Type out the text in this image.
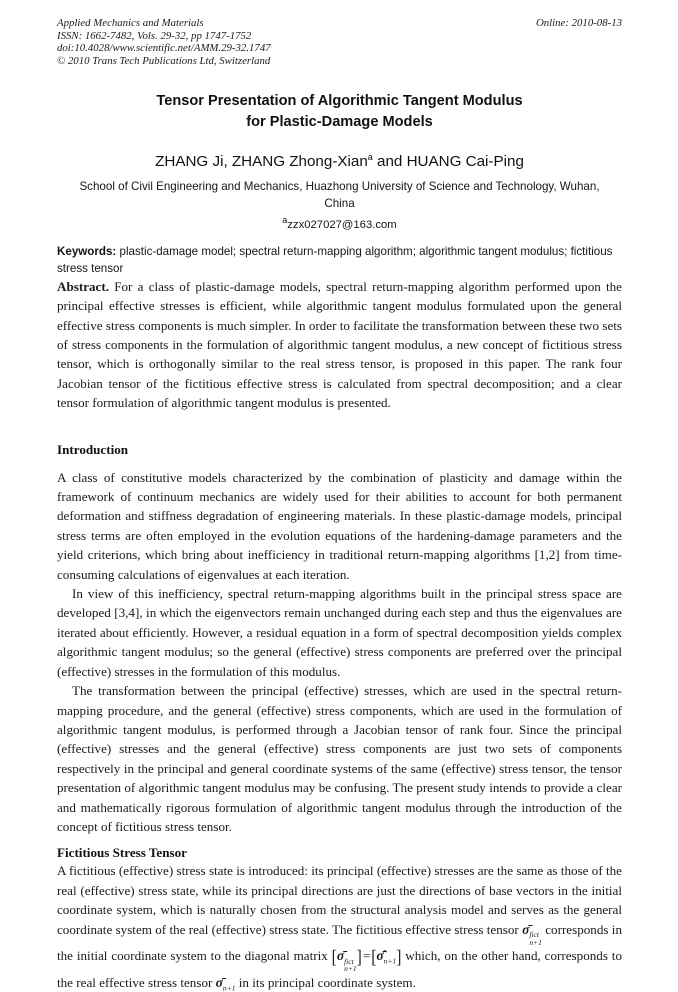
Applied Mechanics and Materials
ISSN: 1662-7482, Vols. 29-32, pp 1747-1752
doi:10.4028/www.scientific.net/AMM.29-32.1747
© 2010 Trans Tech Publications Ltd, Switzerland
Online: 2010-08-13
Tensor Presentation of Algorithmic Tangent Modulus
for Plastic-Damage Models
ZHANG Ji, ZHANG Zhong-Xian$^a$ and HUANG Cai-Ping
School of Civil Engineering and Mechanics, Huazhong University of Science and Technology, Wuhan, China
$^a$zzx027027@163.com
Keywords: plastic-damage model; spectral return-mapping algorithm; algorithmic tangent modulus; fictitious stress tensor

Abstract. For a class of plastic-damage models, spectral return-mapping algorithm performed upon the principal effective stresses is efficient, while algorithmic tangent modulus formulated upon the general effective stress components is much simpler. In order to facilitate the transformation between these two sets of stress components in the formulation of algorithmic tangent modulus, a new concept of fictitious stress tensor, which is orthogonally similar to the real stress tensor, is proposed in this paper. The rank four Jacobian tensor of the fictitious effective stress is calculated from spectral decomposition; and a clear tensor formulation of algorithmic tangent modulus is presented.

Introduction

A class of constitutive models characterized by the combination of plasticity and damage within the framework of continuum mechanics are widely used for their abilities to account for both permanent deformation and stiffness degradation of engineering materials. In these plastic-damage models, principal stress terms are often employed in the evolution equations of the hardening-damage parameters and the yield criterions, which bring about inefficiency in traditional return-mapping algorithms [1,2] from time-consuming calculations of eigenvalues at each iteration.

In view of this inefficiency, spectral return-mapping algorithms built in the principal stress space are developed [3,4], in which the eigenvectors remain unchanged during each step and thus the eigenvalues are iterated about efficiently. However, a residual equation in a form of spectral decomposition yields complex algorithmic tangent modulus; so the general (effective) stress components are preferred over the principal (effective) stresses in the formulation of this modulus.

The transformation between the principal (effective) stresses, which are used in the spectral return-mapping procedure, and the general (effective) stress components, which are used in the formulation of algorithmic tangent modulus, is performed through a Jacobian tensor of rank four. Since the principal (effective) stresses and the general (effective) stress components are just two sets of components respectively in the principal and general coordinate systems of the same (effective) stress tensor, the tensor presentation of algorithmic tangent modulus may be confusing. The present study intends to provide a clear and mathematically rigorous formulation of algorithmic tangent modulus through the introduction of the concept of fictitious stress tensor.

Fictitious Stress Tensor

A fictitious (effective) stress state is introduced: its principal (effective) stresses are the same as those of the real (effective) stress state, while its principal directions are just the directions of base vectors in the initial coordinate system, which is naturally chosen from the structural analysis model and serves as the general coordinate system of the real (effective) stress state. The fictitious effective stress tensor σ̄ fict
n+1
corresponds in the initial coordinate system to the diagonal matrix [σ̄ fict
n+1
]$=[\sigmā̂_{n+1}]$ which, on the other hand, corresponds to the real effective stress tensor $\sigmā_{n+1}$ in its principal coordinate system.
